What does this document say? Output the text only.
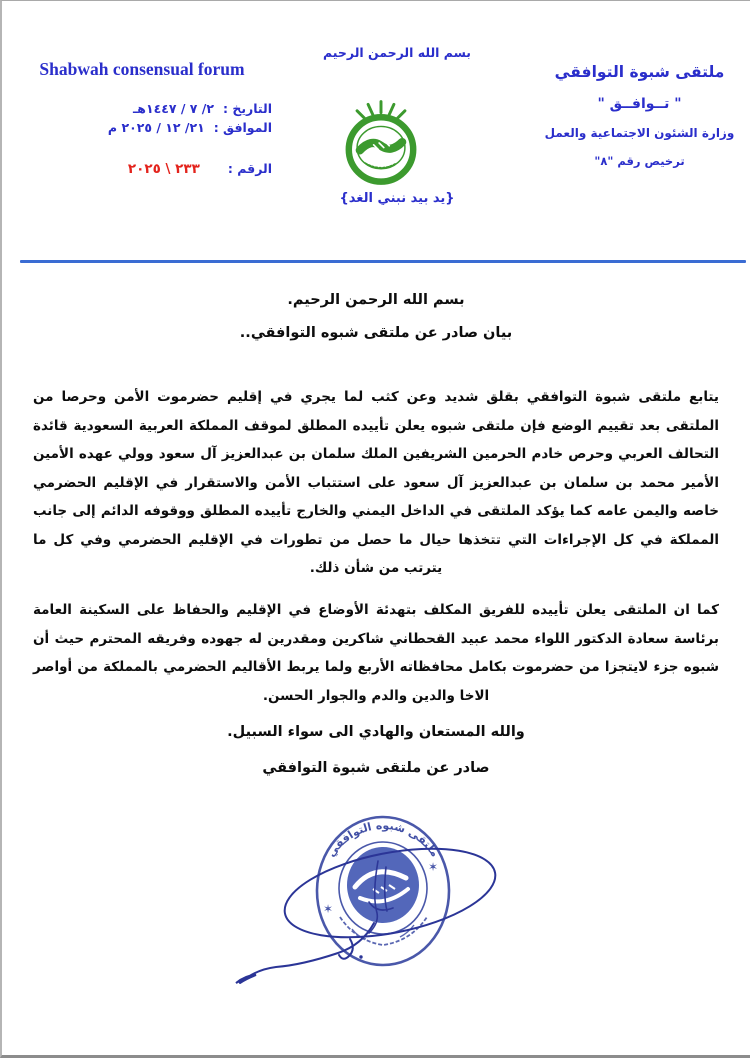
Shabwah consensual forum
التاريخ :
٢/ ٧ / ١٤٤٧هـ
الموافق :
٢١/ ١٢ / ٢٠٢٥ م
الرقم :
٢٣٣ \ ٢٠٢٥
بسم الله الرحمن الرحيم
{يد بيد نبني الغد}
ملتقى شبوة التوافقي
" تــوافــق "
وزارة الشئون الاجتماعية والعمل
ترخيص رقم "٨"
بسم الله الرحمن الرحيم.
بيان صادر عن ملتقى شبوه التوافقي..

يتابع ملتقى شبوة التوافقي بقلق شديد وعن كثب لما يجري في إقليم حضرموت الأمن وحرصا من الملتقى بعد تقييم الوضع فإن ملتقى شبوه يعلن تأييده المطلق لموقف المملكة العربية السعودية قائدة التحالف العربي وحرص خادم الحرمين الشريفين الملك سلمان بن عبدالعزيز آل سعود وولي عهده الأمين الأمير محمد بن سلمان بن عبدالعزيز آل سعود على استتباب الأمن والاستقرار في الإقليم الحضرمي خاصه واليمن عامه كما يؤكد الملتقى في الداخل اليمني والخارج تأييده المطلق ووقوفه الدائم إلى جانب المملكة في كل الإجراءات التي تتخذها حيال ما حصل من تطورات في الإقليم الحضرمي وفي كل ما يترتب من شأن ذلك.

كما ان الملتقى يعلن تأييده للفريق المكلف بتهدئة الأوضاع في الإقليم والحفاظ على السكينة العامة برئاسة سعادة الدكتور اللواء محمد عبيد القحطاني شاكرين ومقدرين له جهوده وفريقه المحترم حيث أن شبوه جزء لايتجزا من حضرموت بكامل محافظاته الأربع ولما يربط الأقاليم الحضرمي بالمملكة من أواصر الاخا والدين والدم والجوار الحسن.

والله المستعان والهادي الى سواء السبيل.
صادر عن ملتقى شبوة التوافقي
ملتقى شبوه التوافقي
✶
✶
